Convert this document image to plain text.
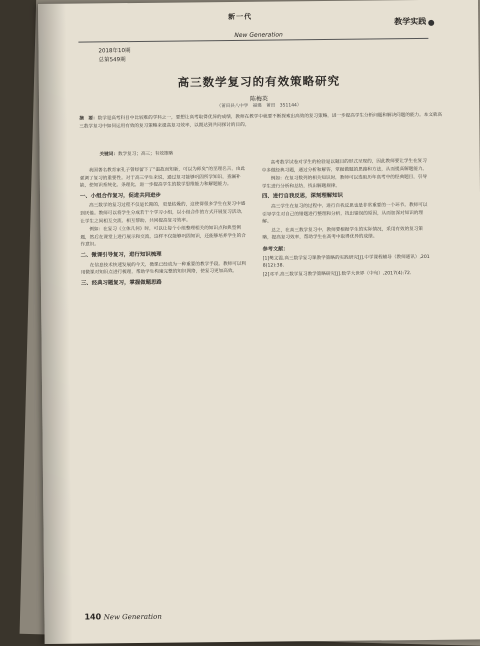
新一代
New Generation
教学实践
2018年10期
总第549期
高三数学复习的有效策略研究
陈梅英
（莆田县八中学　福建　莆田　351144）
摘　要：数学是高考科目中比较难的学科之一，要想让高考取得优异的成绩，教师在教学中就要不断探索出高效的复习策略，进一步提高学生分析问题和解决问题的能力。本文就高三数学复习中如何运用有效的复习策略来提高复习效率，以期达到共同探讨的目的。
关键词：数学复习；高三；有效策略

我国著名教育家孔子曾经留下了“温故而知新，可以为师矣”的至理名言，由此强调了复习的重要性。对于高三学生来说，通过复习能够巩固所学知识，查漏补缺，使知识系统化、条理化，进一步提高学生的数学思维能力和解题能力。

一、小组合作复习，促进共同进步

高三数学的复习过程不仅是长期的，更是枯燥的，这使得很多学生在复习中感到厌倦。教师可以将学生分成若干个学习小组，以小组合作的方式开展复习活动，让学生之间相互交流、相互帮助，共同提高复习效率。

例如：在复习《立体几何》时，可以让每个小组整理相关的知识点和典型例题，然后在课堂上进行展示和交流，这样不仅能够巩固知识，还能够培养学生的合作意识。

二、微课引导复习，进行知识梳理

在信息技术快速发展的今天，微课已经成为一种重要的教学手段。教师可以利用微课对知识点进行梳理，帮助学生构建完整的知识网络，使复习更加高效。

三、经典习题复习，掌握做题思路

高考数学试卷对学生的检验是以题目的形式呈现的，因此教师要让学生在复习中多做经典习题，通过分析和解答，掌握做题的思路和方法，从而提高解题能力。

例如：在复习数列的相关知识时，教师可以选取历年高考中的经典题目，引导学生进行分析和总结，找出解题规律。

四、进行自我反思，深刻理解知识

高三学生在复习的过程中，进行自我反思也是非常重要的一个环节。教师可以引导学生对自己的错题进行整理和分析，找出错误的原因，从而加深对知识的理解。

总之，在高三数学复习中，教师要根据学生的实际情况，采用有效的复习策略，提高复习效率，帮助学生在高考中取得优异的成绩。

参考文献：

[1]樊文霞.高三数学复习课教学策略的实践研究[J].中学课程辅导（教师通讯）,2018(12):38.

[2]邓平.高三数学复习教学策略研究[J].数学大世界（中旬）,2017(4):72.

140 New Generation
